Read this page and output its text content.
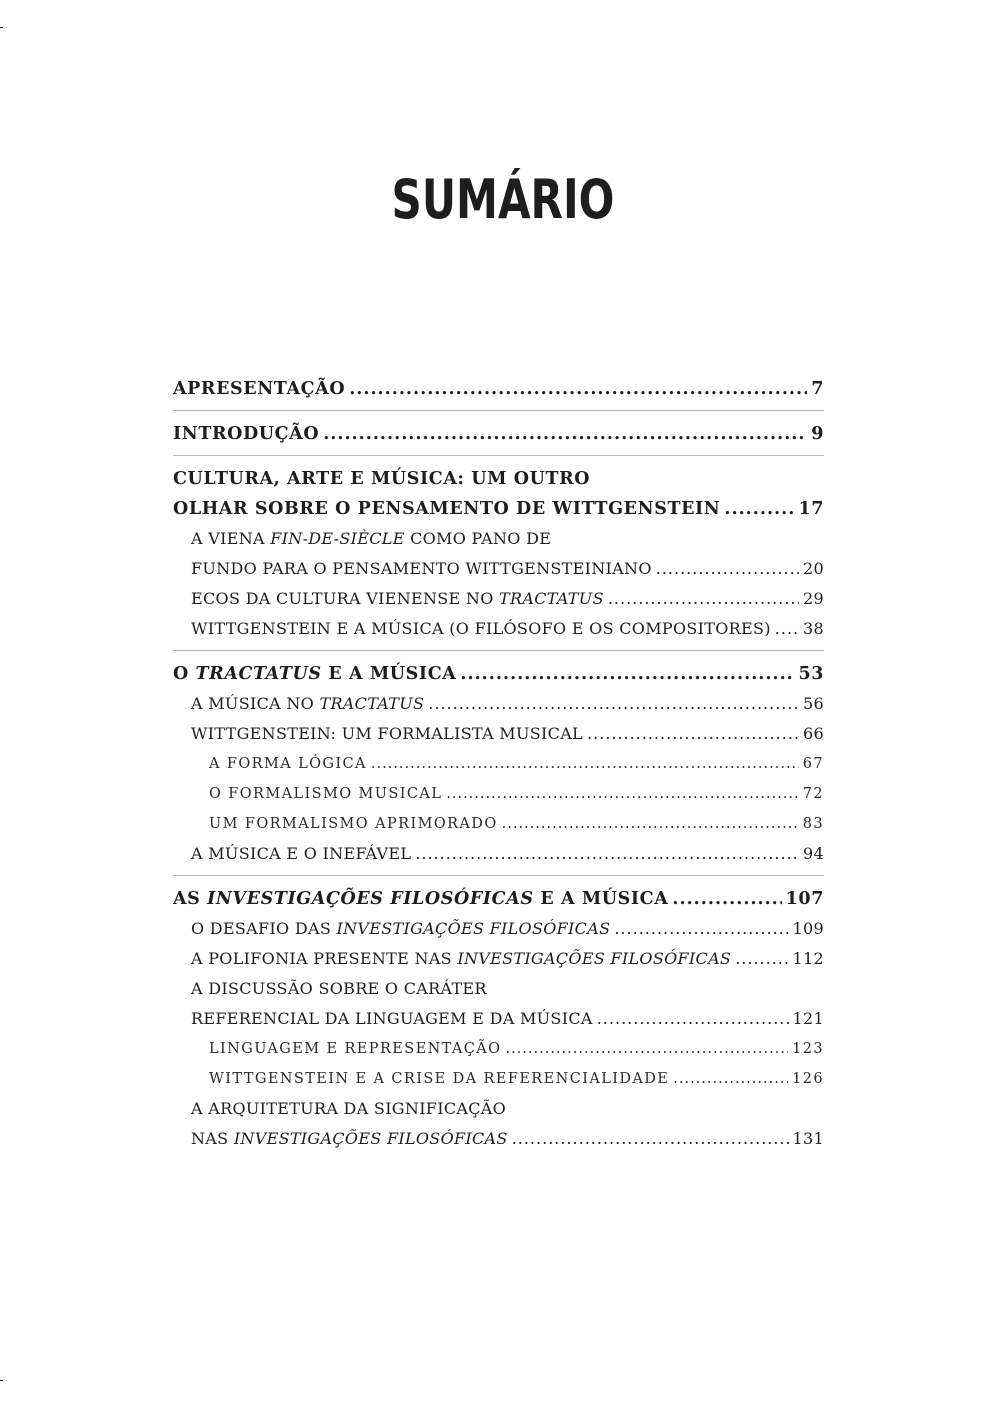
SUMÁRIO
APRESENTAÇÃO .....	7
INTRODUÇÃO .....	9
CULTURA, ARTE E MÚSICA: UM OUTRO
OLHAR SOBRE O PENSAMENTO DE WITTGENSTEIN .....	17
A VIENA FIN-DE-SIÈCLE COMO PANO DE
FUNDO PARA O PENSAMENTO WITTGENSTEINIANO .....	20
ECOS DA CULTURA VIENENSE NO TRACTATUS .....	29
WITTGENSTEIN E A MÚSICA (O FILÓSOFO E OS COMPOSITORES) ..... 38
O TRACTATUS E A MÚSICA .....	53
A MÚSICA NO TRACTATUS .....	56
WITTGENSTEIN: UM FORMALISTA MUSICAL .....	66
A FORMA LÓGICA .....	67
O FORMALISMO MUSICAL .....	72
UM FORMALISMO APRIMORADO .....	83
A MÚSICA E O INEFÁVEL .....	94
AS INVESTIGAÇÕES FILOSÓFICAS E A MÚSICA .....	107
O DESAFIO DAS INVESTIGAÇÕES FILOSÓFICAS .....	109
A POLIFONIA PRESENTE NAS INVESTIGAÇÕES FILOSÓFICAS .....	112
A DISCUSSÃO SOBRE O CARÁTER
REFERENCIAL DA LINGUAGEM E DA MÚSICA .....	121
LINGUAGEM E REPRESENTAÇÃO .....	123
WITTGENSTEIN E A CRISE DA REFERENCIALIDADE .....	126
A ARQUITETURA DA SIGNIFICAÇÃO
NAS INVESTIGAÇÕES FILOSÓFICAS .....	131
